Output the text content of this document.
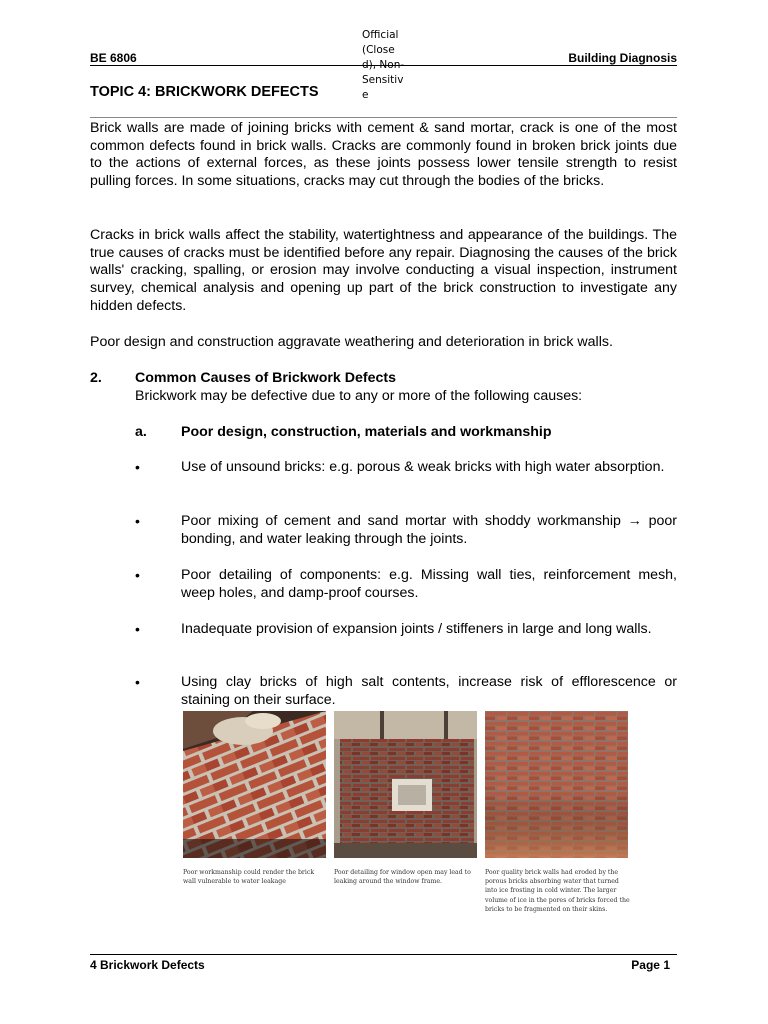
BE 6806
Official (Closed), Non-Sensitive
Building Diagnosis
TOPIC 4: BRICKWORK DEFECTS

Brick walls are made of joining bricks with cement & sand mortar, crack is one of the most common defects found in brick walls. Cracks are commonly found in broken brick joints due to the actions of external forces, as these joints possess lower tensile strength to resist pulling forces. In some situations, cracks may cut through the bodies of the bricks.

Cracks in brick walls affect the stability, watertightness and appearance of the buildings. The true causes of cracks must be identified before any repair. Diagnosing the causes of the brick walls' cracking, spalling, or erosion may involve conducting a visual inspection, instrument survey, chemical analysis and opening up part of the brick construction to investigate any hidden defects.

Poor design and construction aggravate weathering and deterioration in brick walls.

2. Common Causes of Brickwork Defects
Brickwork may be defective due to any or more of the following causes:
a. Poor design, construction, materials and workmanship
•	Use of unsound bricks: e.g. porous & weak bricks with high water absorption.

•	Poor mixing of cement and sand mortar with shoddy workmanship → poor bonding, and water leaking through the joints.

•	Poor detailing of components: e.g. Missing wall ties, reinforcement mesh, weep holes, and damp-proof courses.

•	Inadequate provision of expansion joints / stiffeners in large and long walls.

•	Using clay bricks of high salt contents, increase risk of efflorescence or staining on their surface.

Poor workmanship could render the brick wall vulnerable to water leakage
Poor detailing for window open may lead to leaking around the window frame.
Poor quality brick walls had eroded by the porous bricks absorbing water that turned into ice frosting in cold winter. The larger volume of ice in the pores of bricks forced the bricks to be fragmented on their skins.
4 Brickwork Defects	Page 1
